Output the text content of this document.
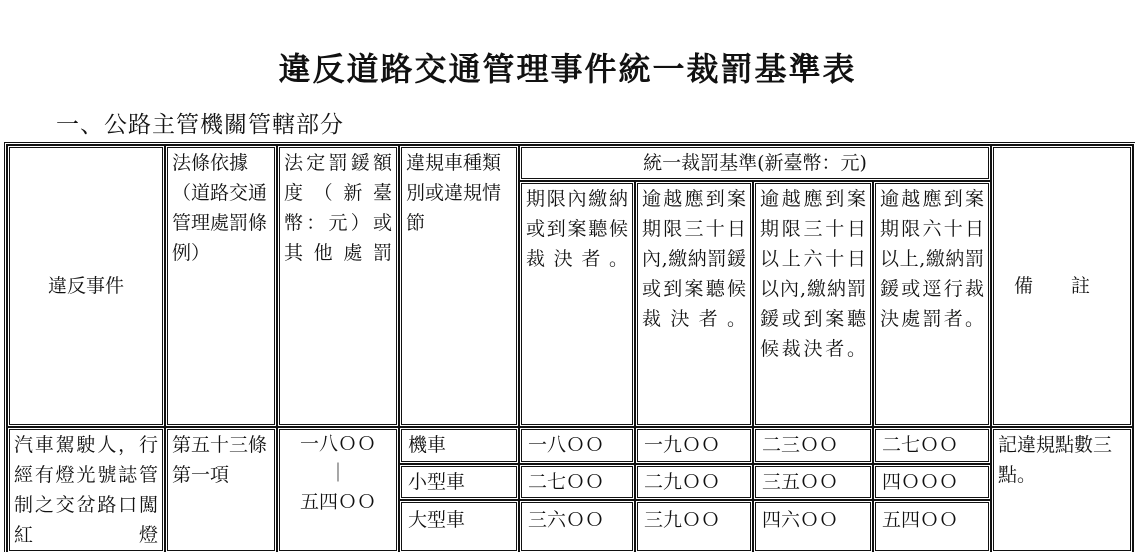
違反道路交通管理事件統一裁罰基準表
一、公路主管機關管轄部分
違反事件	法條依據（道路交通管理處罰條例）	法定罰鍰額度（新臺幣：元）或其他處罰	違規車種類別或違規情節	統一裁罰基準(新臺幣：元)				備註
				期限內繳納或到案聽候裁決者。	逾越應到案期限三十日內,繳納罰鍰或到案聽候裁決者。	逾越應到案期限三十日以上六十日以內,繳納罰鍰或到案聽候裁決者。	逾越應到案期限六十日以上,繳納罰鍰或逕行裁決處罰者。	
汽車駕駛人，行經有燈光號誌管制之交岔路口闖紅燈	第五十三條第一項	一八ＯＯ
｜
五四ＯＯ	機車	一八ＯＯ	一九ＯＯ	二三ＯＯ	二七ＯＯ	記違規點數三點。
			小型車	二七ＯＯ	二九ＯＯ	三五ＯＯ	四ＯＯＯ	
			大型車	三六ＯＯ	三九ＯＯ	四六ＯＯ	五四ＯＯ	
